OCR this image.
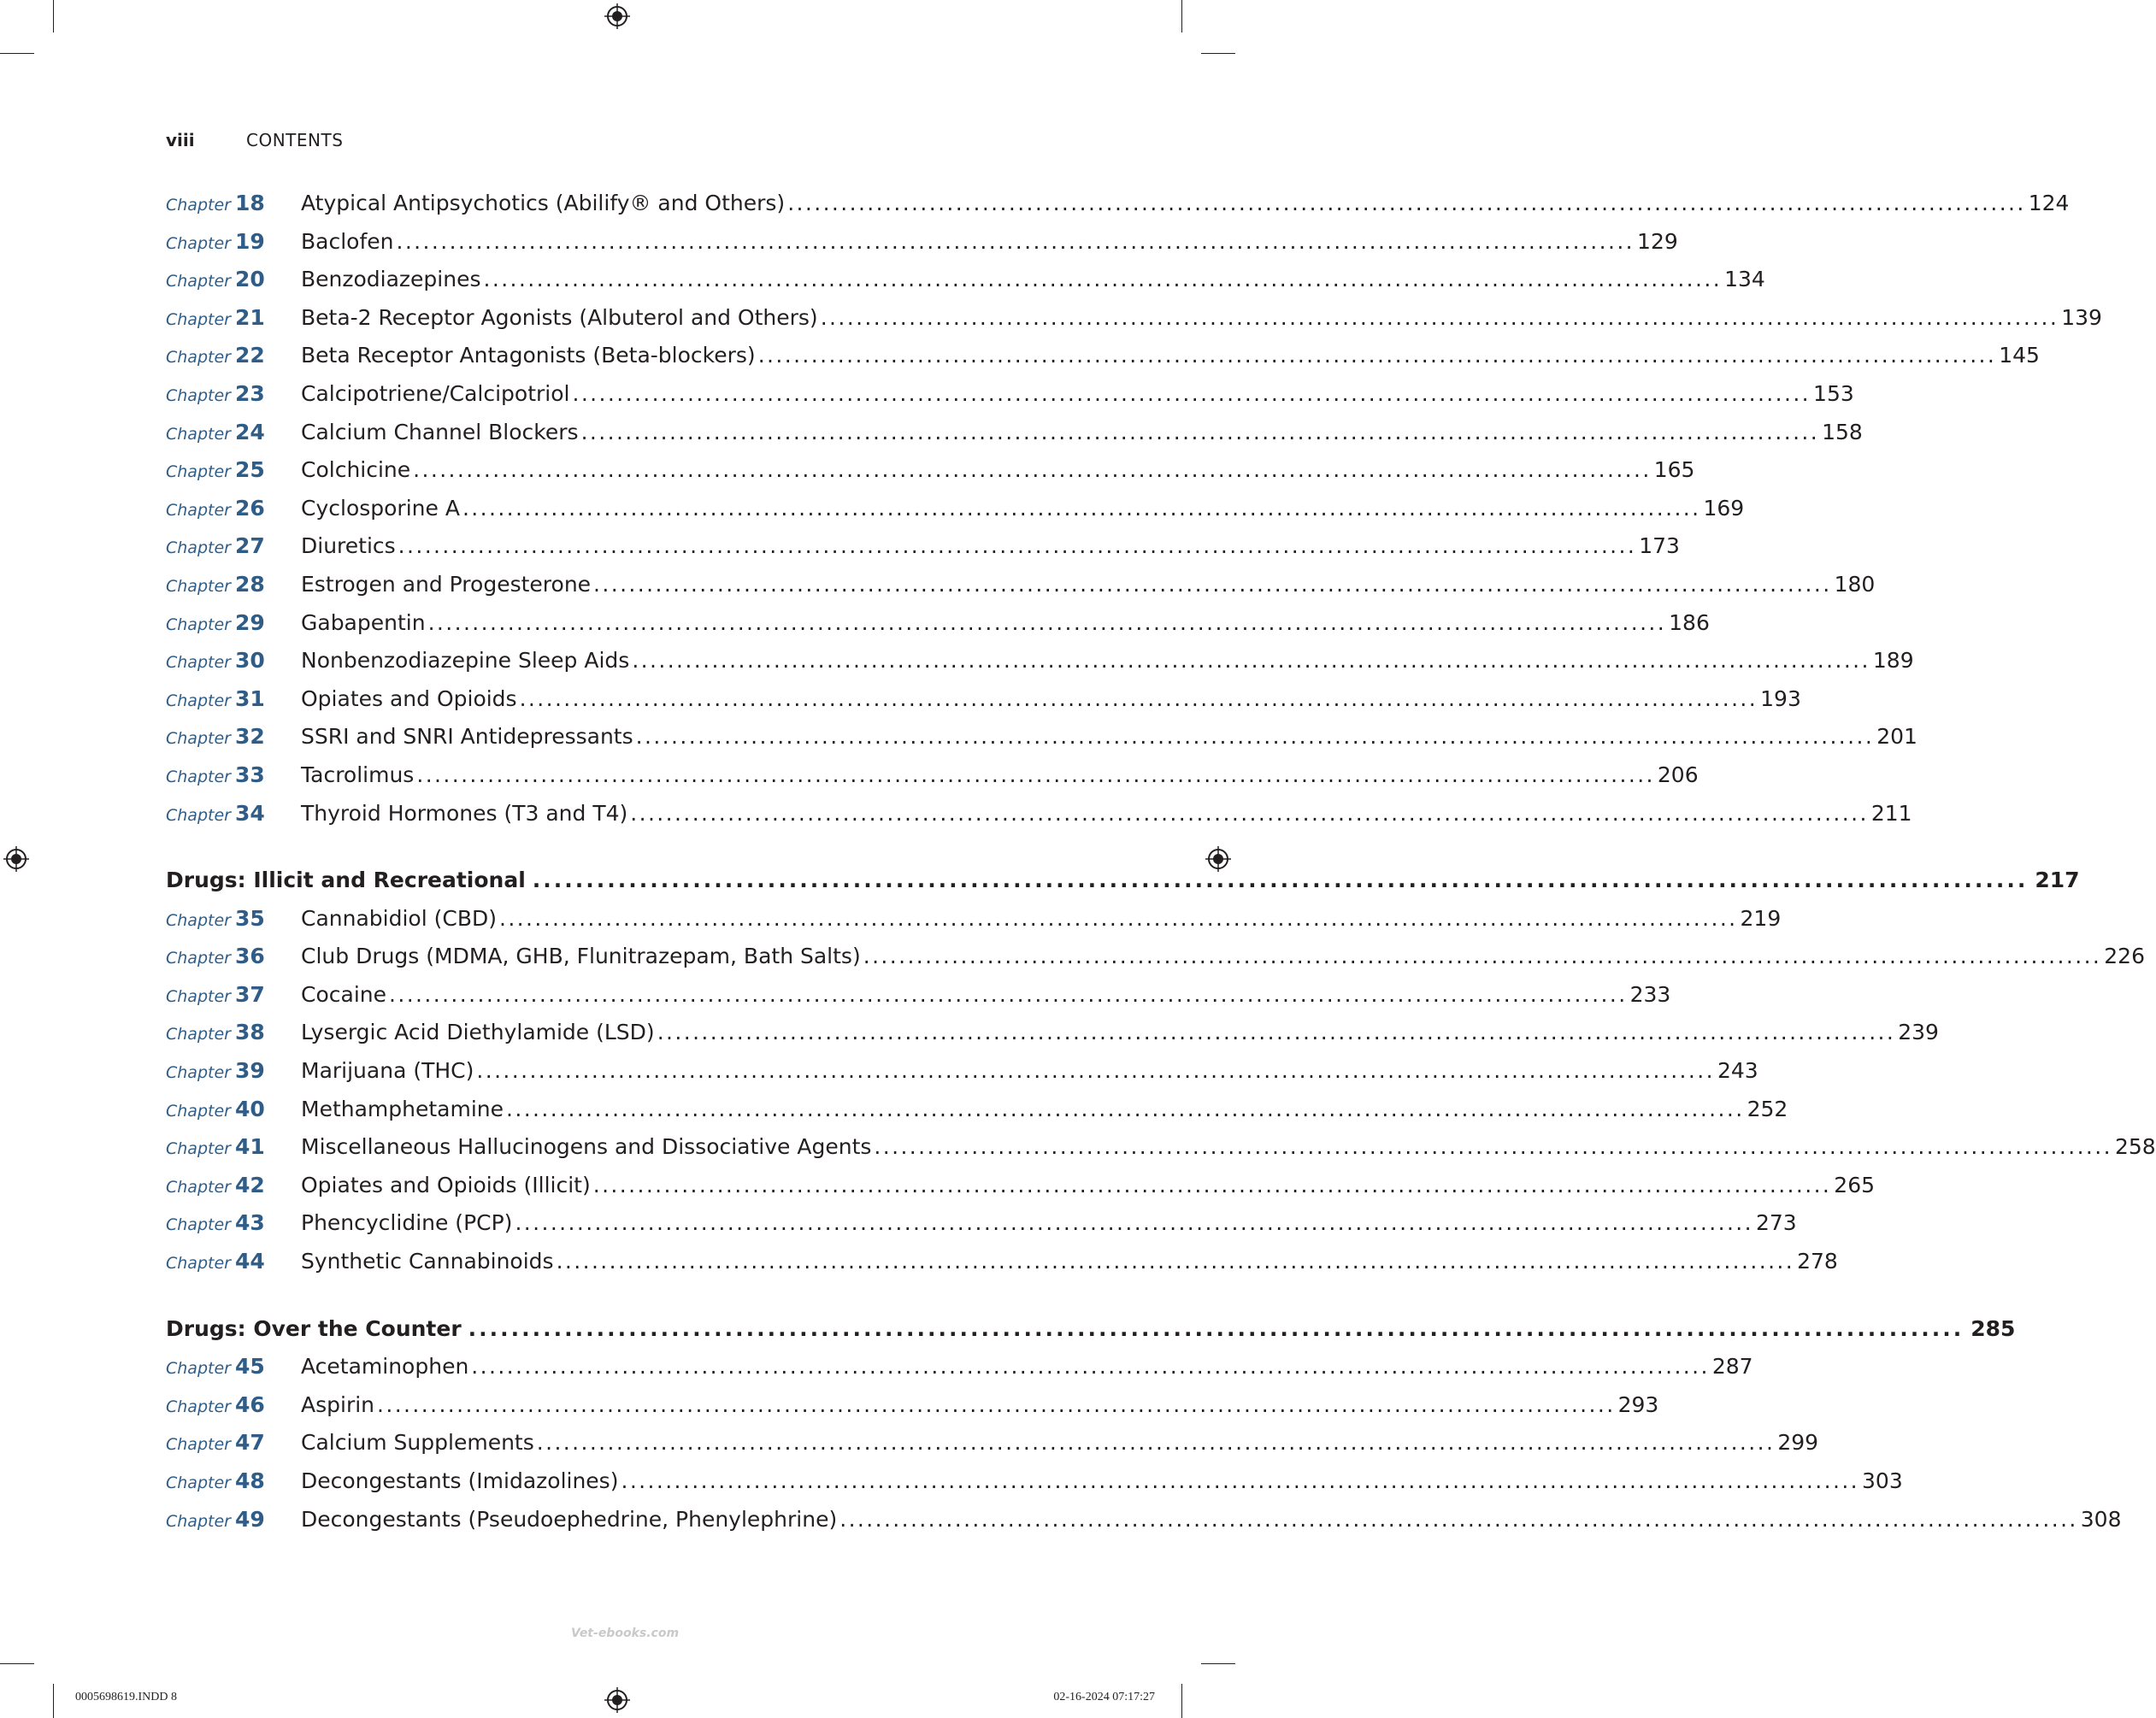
viii	CONTENTS
Chapter 18	Atypical Antipsychotics (Abilify® and Others) ............................................................................................................................................ 124
Chapter 19	Baclofen ............................................................................................................................................ 129
Chapter 20	Benzodiazepines ............................................................................................................................................ 134
Chapter 21	Beta-2 Receptor Agonists (Albuterol and Others) ............................................................................................................................................ 139
Chapter 22	Beta Receptor Antagonists (Beta-blockers) ............................................................................................................................................ 145
Chapter 23	Calcipotriene/Calcipotriol ............................................................................................................................................ 153
Chapter 24	Calcium Channel Blockers ............................................................................................................................................ 158
Chapter 25	Colchicine ............................................................................................................................................ 165
Chapter 26	Cyclosporine A ............................................................................................................................................ 169
Chapter 27	Diuretics ............................................................................................................................................ 173
Chapter 28	Estrogen and Progesterone ............................................................................................................................................ 180
Chapter 29	Gabapentin ............................................................................................................................................ 186
Chapter 30	Nonbenzodiazepine Sleep Aids ............................................................................................................................................ 189
Chapter 31	Opiates and Opioids ............................................................................................................................................ 193
Chapter 32	SSRI and SNRI Antidepressants ............................................................................................................................................ 201
Chapter 33	Tacrolimus ............................................................................................................................................ 206
Chapter 34	Thyroid Hormones (T3 and T4) ............................................................................................................................................ 211
Drugs: Illicit and Recreational ............................................................................................................................................ 217
Chapter 35	Cannabidiol (CBD) ............................................................................................................................................ 219
Chapter 36	Club Drugs (MDMA, GHB, Flunitrazepam, Bath Salts) ............................................................................................................................................ 226
Chapter 37	Cocaine ............................................................................................................................................ 233
Chapter 38	Lysergic Acid Diethylamide (LSD) ............................................................................................................................................ 239
Chapter 39	Marijuana (THC) ............................................................................................................................................ 243
Chapter 40	Methamphetamine ............................................................................................................................................ 252
Chapter 41	Miscellaneous Hallucinogens and Dissociative Agents ............................................................................................................................................ 258
Chapter 42	Opiates and Opioids (Illicit) ............................................................................................................................................ 265
Chapter 43	Phencyclidine (PCP) ............................................................................................................................................ 273
Chapter 44	Synthetic Cannabinoids ............................................................................................................................................ 278
Drugs: Over the Counter ............................................................................................................................................ 285
Chapter 45	Acetaminophen ............................................................................................................................................ 287
Chapter 46	Aspirin ............................................................................................................................................ 293
Chapter 47	Calcium Supplements ............................................................................................................................................ 299
Chapter 48	Decongestants (Imidazolines) ............................................................................................................................................ 303
Chapter 49	Decongestants (Pseudoephedrine, Phenylephrine) ............................................................................................................................................ 308
Vet-ebooks.com
0005698619.INDD 8	02-16-2024 07:17:27
